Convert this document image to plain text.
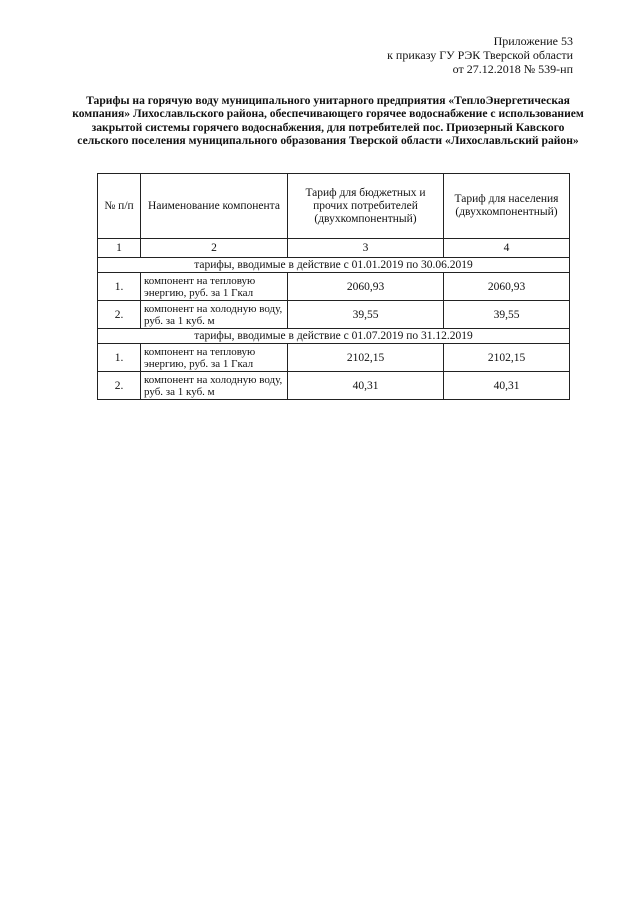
Приложение 53
к приказу ГУ РЭК Тверской области
от 27.12.2018 № 539-нп
Тарифы на горячую воду муниципального унитарного предприятия «ТеплоЭнергетическая компания» Лихославльского района, обеспечивающего горячее водоснабжение с использованием закрытой системы горячего водоснабжения, для потребителей пос. Приозерный Кавского сельского поселения муниципального образования Тверской области «Лихославльский район»
№ п/п	Наименование компонента	Тариф для бюджетных и прочих потребителей (двухкомпонентный)	Тариф для населения (двухкомпонентный)
1	2	3	4
тарифы, вводимые в действие с 01.01.2019 по 30.06.2019			
1.	компонент на тепловую энергию, руб. за 1 Гкал	2060,93	2060,93
2.	компонент на холодную воду, руб. за 1 куб. м	39,55	39,55
тарифы, вводимые в действие с 01.07.2019 по 31.12.2019			
1.	компонент на тепловую энергию, руб. за 1 Гкал	2102,15	2102,15
2.	компонент на холодную воду, руб. за 1 куб. м	40,31	40,31
